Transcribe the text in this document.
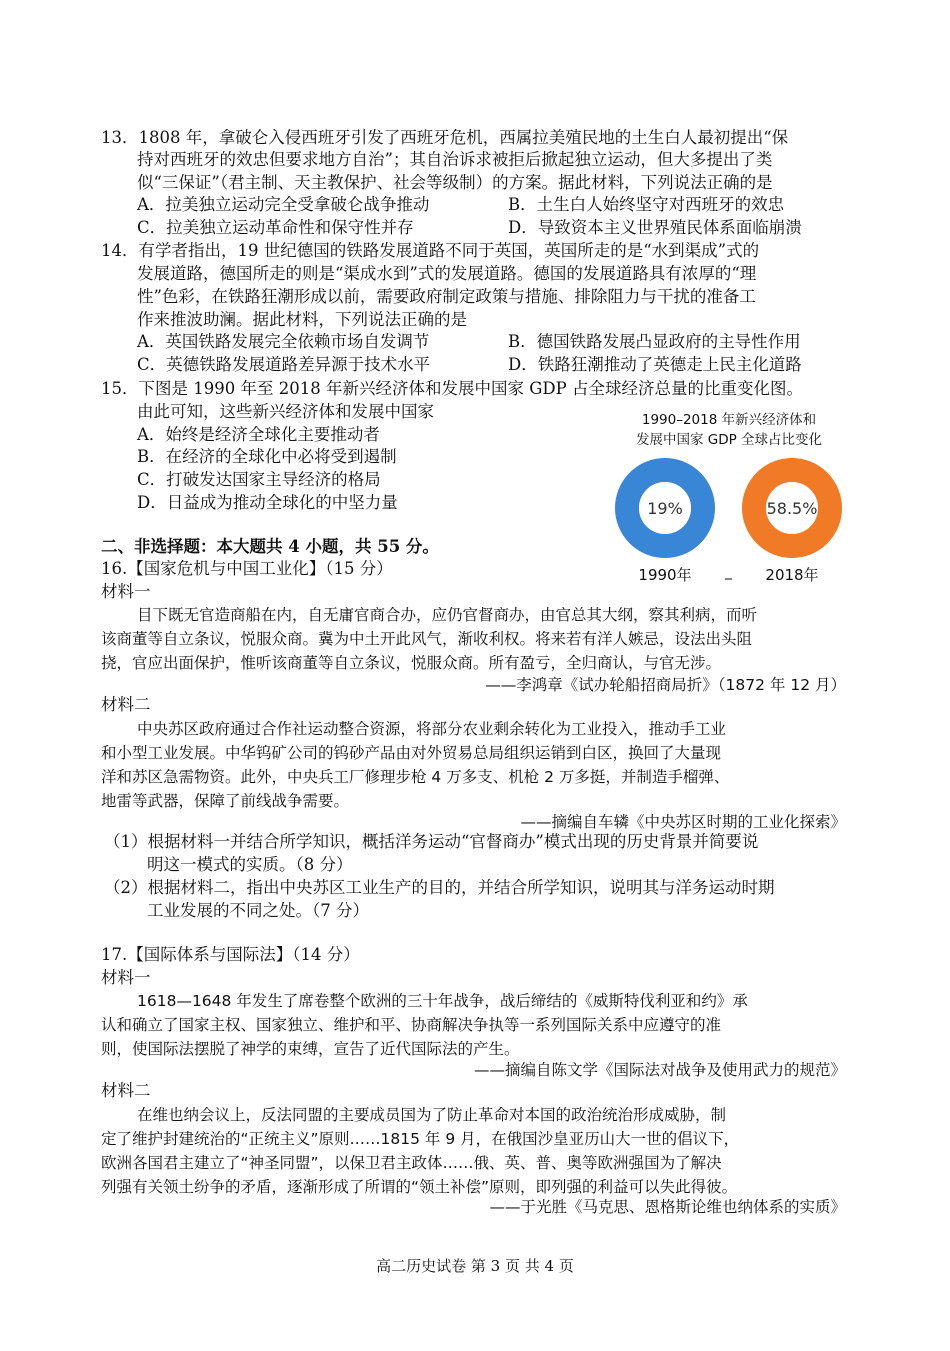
13．1808 年，拿破仑入侵西班牙引发了西班牙危机，西属拉美殖民地的土生白人最初提出“保
持对西班牙的效忠但要求地方自治”；其自治诉求被拒后掀起独立运动，但大多提出了类
似“三保证”（君主制、天主教保护、社会等级制）的方案。据此材料，下列说法正确的是
A．拉美独立运动完全受拿破仑战争推动	B．土生白人始终坚守对西班牙的效忠
C．拉美独立运动革命性和保守性并存	D．导致资本主义世界殖民体系面临崩溃
14．有学者指出，19 世纪德国的铁路发展道路不同于英国，英国所走的是“水到渠成”式的
发展道路，德国所走的则是“渠成水到”式的发展道路。德国的发展道路具有浓厚的“理
性”色彩，在铁路狂潮形成以前，需要政府制定政策与措施、排除阻力与干扰的准备工
作来推波助澜。据此材料，下列说法正确的是
A．英国铁路发展完全依赖市场自发调节	B．德国铁路发展凸显政府的主导性作用
C．英德铁路发展道路差异源于技术水平	D．铁路狂潮推动了英德走上民主化道路
15．下图是 1990 年至 2018 年新兴经济体和发展中国家 GDP 占全球经济总量的比重变化图。
由此可知，这些新兴经济体和发展中国家
A．始终是经济全球化主要推动者
B．在经济的全球化中必将受到遏制
C．打破发达国家主导经济的格局
D．日益成为推动全球化的中坚力量
1990–2018 年新兴经济体和
发展中国家 GDP 全球占比变化
19%
1990年
58.5%
2018年
_
二、非选择题：本大题共 4 小题，共 55 分。
16.【国家危机与中国工业化】（15 分）
材料一
目下既无官造商船在内，自无庸官商合办，应仍官督商办，由官总其大纲，察其利病，而听
该商董等自立条议，悦服众商。冀为中土开此风气，渐收利权。将来若有洋人嫉忌，设法出头阻
挠，官应出面保护，惟听该商董等自立条议，悦服众商。所有盈亏，全归商认，与官无涉。
——李鸿章《试办轮船招商局折》（1872 年 12 月）
材料二
中央苏区政府通过合作社运动整合资源，将部分农业剩余转化为工业投入，推动手工业
和小型工业发展。中华钨矿公司的钨砂产品由对外贸易总局组织运销到白区，换回了大量现
洋和苏区急需物资。此外，中央兵工厂修理步枪 4 万多支、机枪 2 万多挺，并制造手榴弹、
地雷等武器，保障了前线战争需要。
——摘编自车辚《中央苏区时期的工业化探索》
（1）根据材料一并结合所学知识，概括洋务运动“官督商办”模式出现的历史背景并简要说
明这一模式的实质。（8 分）
（2）根据材料二，指出中央苏区工业生产的目的，并结合所学知识，说明其与洋务运动时期
工业发展的不同之处。（7 分）
17.【国际体系与国际法】（14 分）
材料一
1618—1648 年发生了席卷整个欧洲的三十年战争，战后缔结的《威斯特伐利亚和约》承
认和确立了国家主权、国家独立、维护和平、协商解决争执等一系列国际关系中应遵守的准
则，使国际法摆脱了神学的束缚，宣告了近代国际法的产生。
——摘编自陈文学《国际法对战争及使用武力的规范》
材料二
在维也纳会议上，反法同盟的主要成员国为了防止革命对本国的政治统治形成威胁，制
定了维护封建统治的“正统主义”原则……1815 年 9 月，在俄国沙皇亚历山大一世的倡议下，
欧洲各国君主建立了“神圣同盟”，以保卫君主政体……俄、英、普、奥等欧洲强国为了解决
列强有关领土纷争的矛盾，逐渐形成了所谓的“领土补偿”原则，即列强的利益可以失此得彼。
——于光胜《马克思、恩格斯论维也纳体系的实质》
高二历史试卷 第 3 页 共 4 页
